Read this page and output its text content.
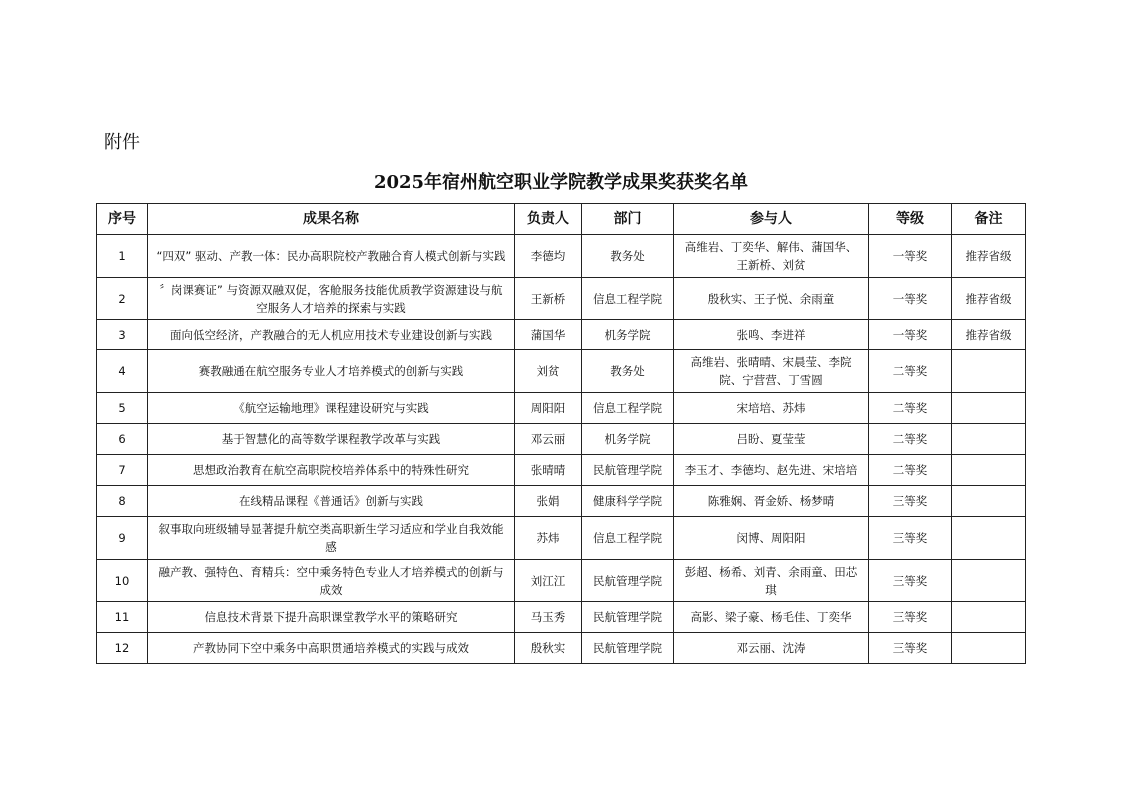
附件
2025年宿州航空职业学院教学成果奖获奖名单
序号	成果名称	负责人	部门	参与人	等级	备注
1	“四双” 驱动、产教一体：民办高职院校产教融合育人模式创新与实践	李德均	教务处	高维岩、丁奕华、解伟、蒲国华、王新桥、刘贫	一等奖	推荐省级
2	〞岗课赛证” 与资源双融双促，客舱服务技能优质教学资源建设与航空服务人才培养的探索与实践	王新桥	信息工程学院	殷秋实、王子悦、余雨童	一等奖	推荐省级
3	面向低空经济，产教融合的无人机应用技术专业建设创新与实践	蒲国华	机务学院	张鸣、李进祥	一等奖	推荐省级
4	赛教融通在航空服务专业人才培养模式的创新与实践	刘贫	教务处	高维岩、张晴晴、宋晨莹、李院院、宁营营、丁雪圆	二等奖	
5	《航空运输地理》课程建设研究与实践	周阳阳	信息工程学院	宋培培、苏炜	二等奖	
6	基于智慧化的高等数学课程教学改革与实践	邓云丽	机务学院	吕盼、夏莹莹	二等奖	
7	思想政治教育在航空高职院校培养体系中的特殊性研究	张晴晴	民航管理学院	李玉才、李德均、赵先进、宋培培	二等奖	
8	在线精品课程《普通话》创新与实践	张娟	健康科学学院	陈雅娴、胥金娇、杨梦晴	三等奖	
9	叙事取向班级辅导显著提升航空类高职新生学习适应和学业自我效能感	苏炜	信息工程学院	闵博、周阳阳	三等奖	
10	融产教、强特色、育精兵：空中乘务特色专业人才培养模式的创新与成效	刘江江	民航管理学院	彭超、杨希、刘青、余雨童、田芯琪	三等奖	
11	信息技术背景下提升高职课堂教学水平的策略研究	马玉秀	民航管理学院	高影、梁子豪、杨毛佳、丁奕华	三等奖	
12	产教协同下空中乘务中高职贯通培养模式的实践与成效	殷秋实	民航管理学院	邓云丽、沈涛	三等奖	
